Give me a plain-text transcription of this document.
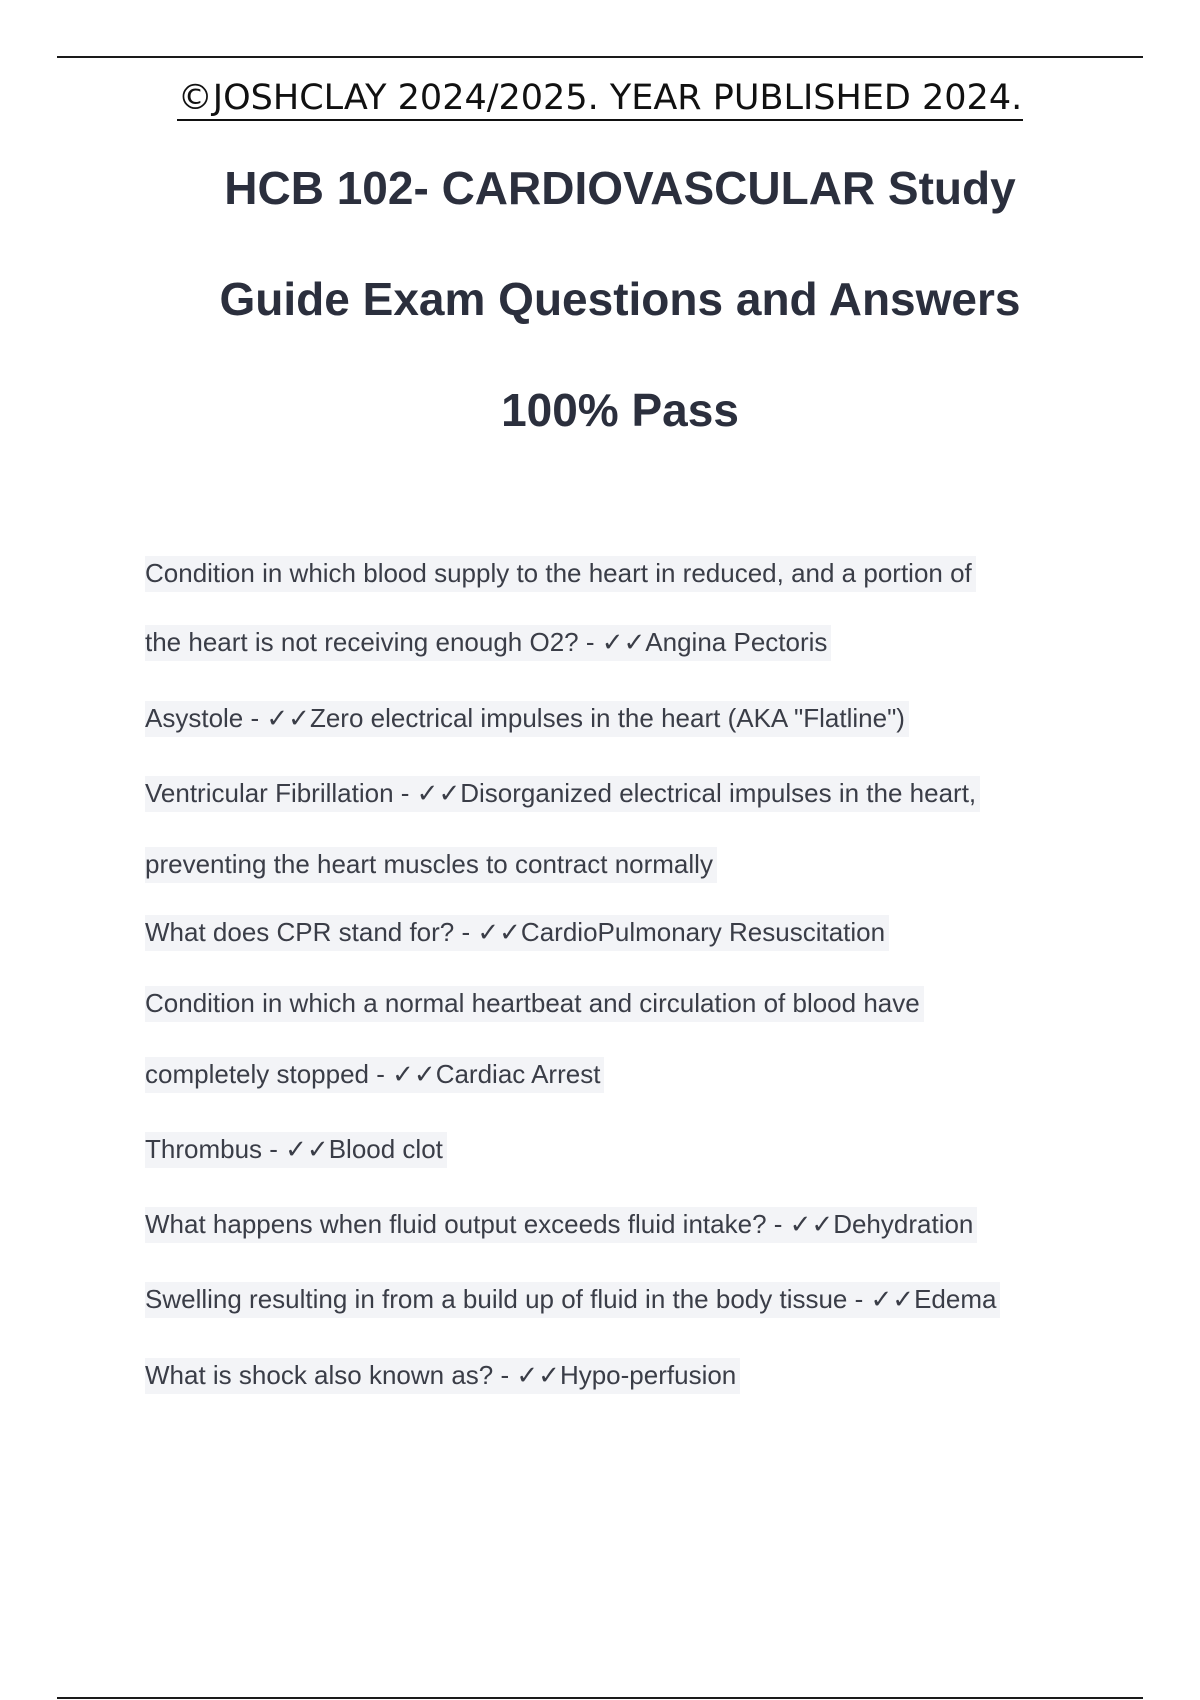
©JOSHCLAY 2024/2025. YEAR PUBLISHED 2024.
HCB 102- CARDIOVASCULAR Study
Guide Exam Questions and Answers
100% Pass
Condition in which blood supply to the heart in reduced, and a portion of
the heart is not receiving enough O2? - ✓✓Angina Pectoris
Asystole - ✓✓Zero electrical impulses in the heart (AKA "Flatline")
Ventricular Fibrillation - ✓✓Disorganized electrical impulses in the heart,
preventing the heart muscles to contract normally
What does CPR stand for? - ✓✓CardioPulmonary Resuscitation
Condition in which a normal heartbeat and circulation of blood have
completely stopped - ✓✓Cardiac Arrest
Thrombus - ✓✓Blood clot
What happens when fluid output exceeds fluid intake? - ✓✓Dehydration
Swelling resulting in from a build up of fluid in the body tissue - ✓✓Edema
What is shock also known as? - ✓✓Hypo-perfusion
